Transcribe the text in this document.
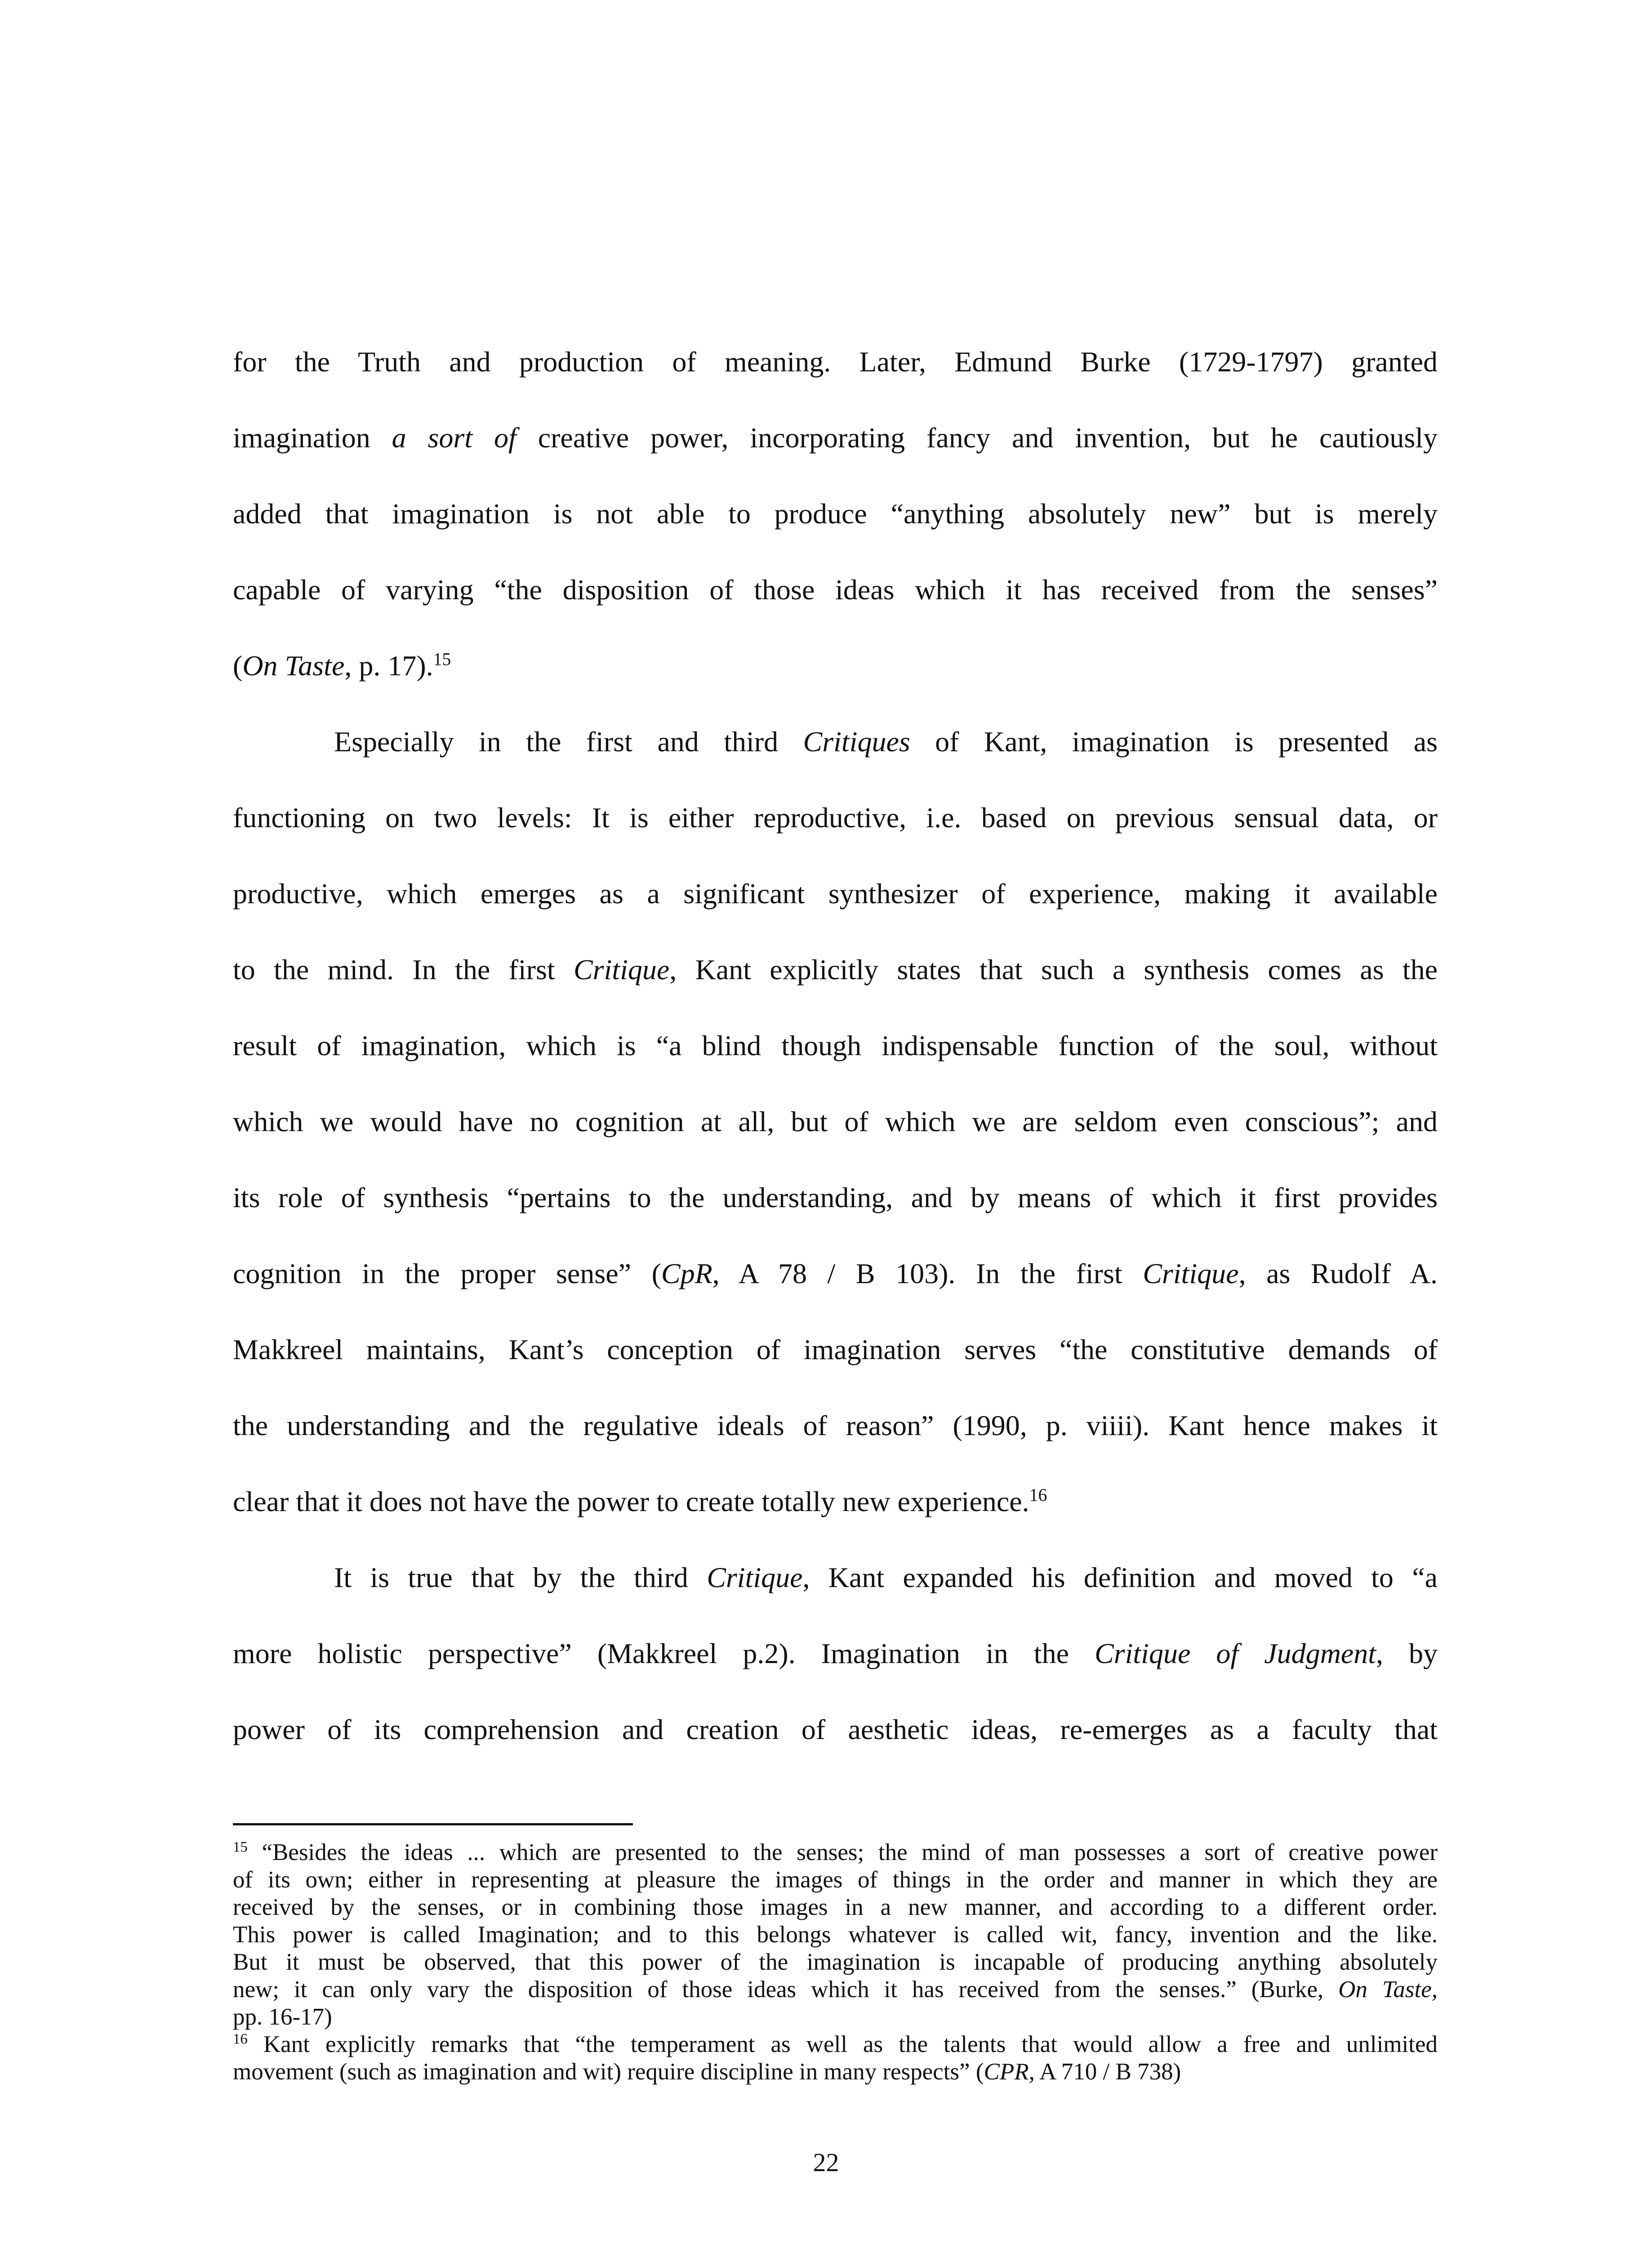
for the Truth and production of meaning. Later, Edmund Burke (1729-1797) granted
imagination a sort of creative power, incorporating fancy and invention, but he cautiously
added that imagination is not able to produce “anything absolutely new” but is merely
capable of varying “the disposition of those ideas which it has received from the senses”
(On Taste, p. 17).$^{15}$
Especially in the first and third Critiques of Kant, imagination is presented as
functioning on two levels: It is either reproductive, i.e. based on previous sensual data, or
productive, which emerges as a significant synthesizer of experience, making it available
to the mind. In the first Critique, Kant explicitly states that such a synthesis comes as the
result of imagination, which is “a blind though indispensable function of the soul, without
which we would have no cognition at all, but of which we are seldom even conscious”; and
its role of synthesis “pertains to the understanding, and by means of which it first provides
cognition in the proper sense” (CpR, A 78 / B 103). In the first Critique, as Rudolf A.
Makkreel maintains, Kant’s conception of imagination serves “the constitutive demands of
the understanding and the regulative ideals of reason” (1990, p. viiii). Kant hence makes it
clear that it does not have the power to create totally new experience.$^{16}$
It is true that by the third Critique, Kant expanded his definition and moved to “a
more holistic perspective” (Makkreel p.2). Imagination in the Critique of Judgment, by
power of its comprehension and creation of aesthetic ideas, re-emerges as a faculty that
$^{15}$ “Besides the ideas ... which are presented to the senses; the mind of man possesses a sort of creative power
of its own; either in representing at pleasure the images of things in the order and manner in which they are
received by the senses, or in combining those images in a new manner, and according to a different order.
This power is called Imagination; and to this belongs whatever is called wit, fancy, invention and the like.
But it must be observed, that this power of the imagination is incapable of producing anything absolutely
new; it can only vary the disposition of those ideas which it has received from the senses.” (Burke, On Taste,
pp. 16-17)
$^{16}$ Kant explicitly remarks that “the temperament as well as the talents that would allow a free and unlimited
movement (such as imagination and wit) require discipline in many respects” (CPR, A 710 / B 738)
22
